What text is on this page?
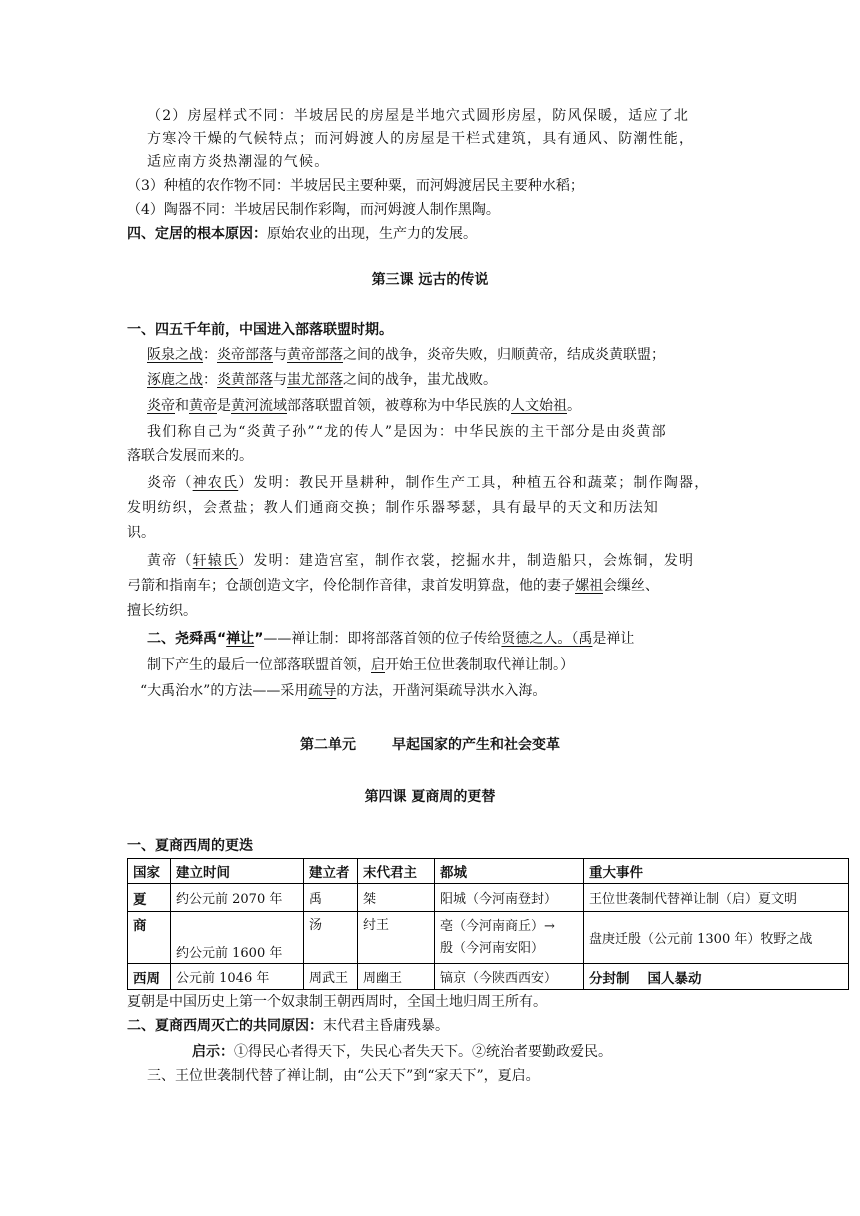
（2）房屋样式不同：半坡居民的房屋是半地穴式圆形房屋，防风保暖，适应了北
方寒冷干燥的气候特点；而河姆渡人的房屋是干栏式建筑，具有通风、防潮性能，
适应南方炎热潮湿的气候。
（3）种植的农作物不同：半坡居民主要种粟，而河姆渡居民主要种水稻；
（4）陶器不同：半坡居民制作彩陶，而河姆渡人制作黑陶。
四、定居的根本原因：原始农业的出现，生产力的发展。
第三课 远古的传说
一、四五千年前，中国进入部落联盟时期。
阪泉之战：炎帝部落与黄帝部落之间的战争，炎帝失败，归顺黄帝，结成炎黄联盟；
涿鹿之战：炎黄部落与蚩尤部落之间的战争，蚩尤战败。
炎帝和黄帝是黄河流域部落联盟首领，被尊称为中华民族的人文始祖。
我们称自己为“炎黄子孙”“龙的传人”是因为：中华民族的主干部分是由炎黄部
落联合发展而来的。
炎帝（神农氏）发明：教民开垦耕种，制作生产工具，种植五谷和蔬菜；制作陶器，
发明纺织，会煮盐；教人们通商交换；制作乐器琴瑟，具有最早的天文和历法知
识。
黄帝（轩辕氏）发明：建造宫室，制作衣裳，挖掘水井，制造船只，会炼铜，发明
弓箭和指南车；仓颉创造文字，伶伦制作音律，隶首发明算盘，他的妻子嫘祖会缫丝、
擅长纺织。
二、尧舜禹“禅让”——禅让制：即将部落首领的位子传给贤德之人。（禹是禅让
制下产生的最后一位部落联盟首领，启开始王位世袭制取代禅让制。）
“大禹治水”的方法——采用疏导的方法，开凿河渠疏导洪水入海。
第二单元	早起国家的产生和社会变革
第四课 夏商周的更替
一、夏商西周的更迭
国家	建立时间	建立者	末代君主	都城	重大事件
夏	约公元前 2070 年	禹	桀	阳城（今河南登封）	王位世袭制代替禅让制（启）夏文明
商	约公元前 1600 年	汤	纣王	亳（今河南商丘）→
殷（今河南安阳）	盘庚迁殷（公元前 1300 年）牧野之战
西周	公元前 1046 年	周武王	周幽王	镐京（今陕西西安）	分封制 国人暴动
夏朝是中国历史上第一个奴隶制王朝西周时，全国土地归周王所有。
二、夏商西周灭亡的共同原因：末代君主昏庸残暴。
启示：①得民心者得天下，失民心者失天下。②统治者要勤政爱民。
三、王位世袭制代替了禅让制，由“公天下”到“家天下”，夏启。
